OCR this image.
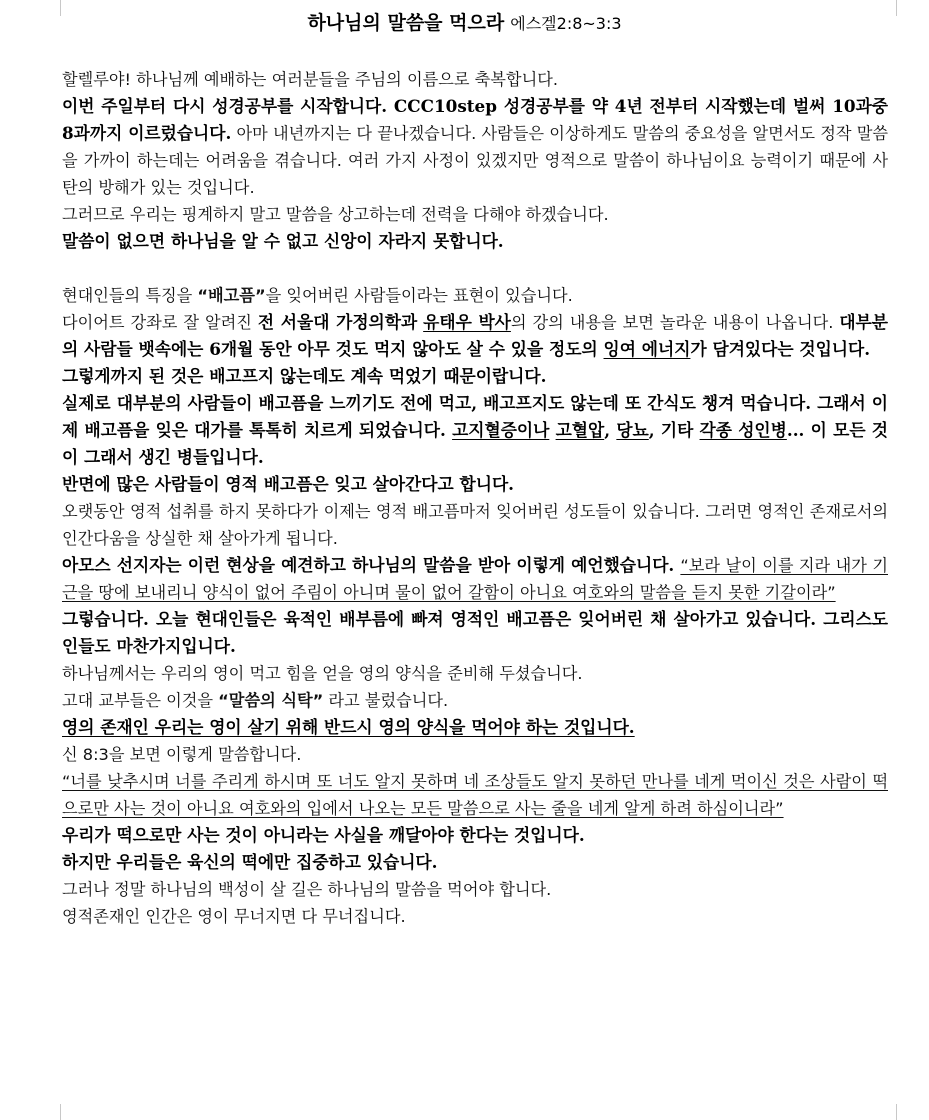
하나님의 말씀을 먹으라 에스겔2:8~3:3

할렐루야! 하나님께 예배하는 여러분들을 주님의 이름으로 축복합니다.

이번 주일부터 다시 성경공부를 시작합니다. CCC10step 성경공부를 약 4년 전부터 시작했는데 벌써 10과중 8과까지 이르렀습니다. 아마 내년까지는 다 끝나겠습니다. 사람들은 이상하게도 말씀의 중요성을 알면서도 정작 말씀을 가까이 하는데는 어려움을 겪습니다. 여러 가지 사정이 있겠지만 영적으로 말씀이 하나님이요 능력이기 때문에 사탄의 방해가 있는 것입니다.

그러므로 우리는 핑계하지 말고 말씀을 상고하는데 전력을 다해야 하겠습니다.

말씀이 없으면 하나님을 알 수 없고 신앙이 자라지 못합니다.

현대인들의 특징을 “배고픔”을 잊어버린 사람들이라는 표현이 있습니다.

다이어트 강좌로 잘 알려진 전 서울대 가정의학과 유태우 박사의 강의 내용을 보면 놀라운 내용이 나옵니다. 대부분의 사람들 뱃속에는 6개월 동안 아무 것도 먹지 않아도 살 수 있을 정도의 잉여 에너지가 담겨있다는 것입니다.

그렇게까지 된 것은 배고프지 않는데도 계속 먹었기 때문이랍니다.

실제로 대부분의 사람들이 배고픔을 느끼기도 전에 먹고, 배고프지도 않는데 또 간식도 챙겨 먹습니다. 그래서 이제 배고픔을 잊은 대가를 톡톡히 치르게 되었습니다. 고지혈증이나 고혈압, 당뇨, 기타 각종 성인병... 이 모든 것이 그래서 생긴 병들입니다.

반면에 많은 사람들이 영적 배고픔은 잊고 살아간다고 합니다.

오랫동안 영적 섭취를 하지 못하다가 이제는 영적 배고픔마저 잊어버린 성도들이 있습니다. 그러면 영적인 존재로서의 인간다움을 상실한 채 살아가게 됩니다.

아모스 선지자는 이런 현상을 예견하고 하나님의 말씀을 받아 이렇게 예언했습니다. “보라 날이 이를 지라 내가 기근을 땅에 보내리니 양식이 없어 주림이 아니며 물이 없어 갈함이 아니요 여호와의 말씀을 듣지 못한 기갈이라”

그렇습니다. 오늘 현대인들은 육적인 배부름에 빠져 영적인 배고픔은 잊어버린 채 살아가고 있습니다. 그리스도인들도 마찬가지입니다.

하나님께서는 우리의 영이 먹고 힘을 얻을 영의 양식을 준비해 두셨습니다.

고대 교부들은 이것을 “말씀의 식탁” 라고 불렀습니다.

영의 존재인 우리는 영이 살기 위해 반드시 영의 양식을 먹어야 하는 것입니다.

신 8:3을 보면 이렇게 말씀합니다.

“너를 낮추시며 너를 주리게 하시며 또 너도 알지 못하며 네 조상들도 알지 못하던 만나를 네게 먹이신 것은 사람이 떡으로만 사는 것이 아니요 여호와의 입에서 나오는 모든 말씀으로 사는 줄을 네게 알게 하려 하심이니라”

우리가 떡으로만 사는 것이 아니라는 사실을 깨달아야 한다는 것입니다.

하지만 우리들은 육신의 떡에만 집중하고 있습니다.

그러나 정말 하나님의 백성이 살 길은 하나님의 말씀을 먹어야 합니다.

영적존재인 인간은 영이 무너지면 다 무너집니다.
